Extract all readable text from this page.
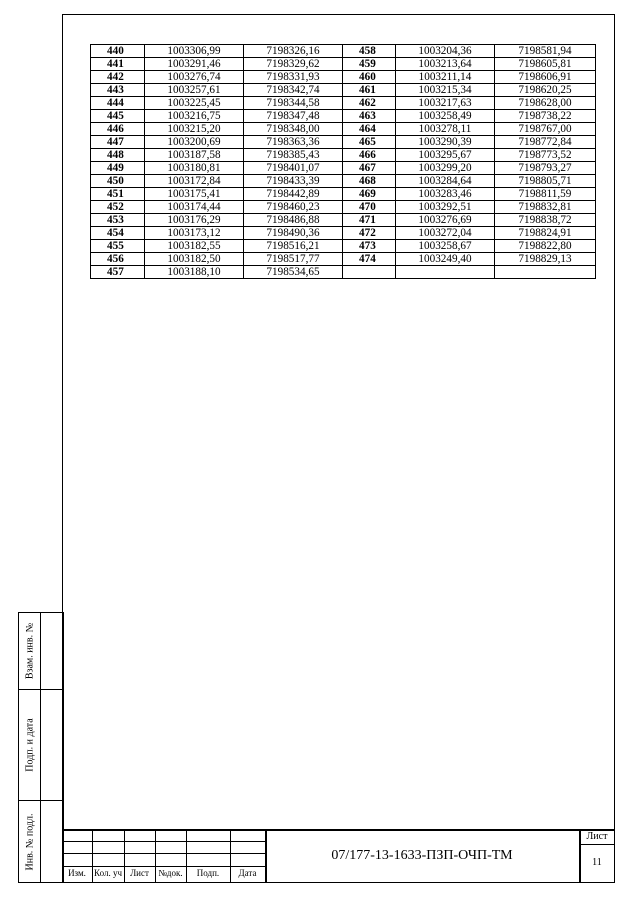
Взам. инв. №
Подп. и дата
Инв. № подл.
440	1003306,99	7198326,16	458	1003204,36	7198581,94
441	1003291,46	7198329,62	459	1003213,64	7198605,81
442	1003276,74	7198331,93	460	1003211,14	7198606,91
443	1003257,61	7198342,74	461	1003215,34	7198620,25
444	1003225,45	7198344,58	462	1003217,63	7198628,00
445	1003216,75	7198347,48	463	1003258,49	7198738,22
446	1003215,20	7198348,00	464	1003278,11	7198767,00
447	1003200,69	7198363,36	465	1003290,39	7198772,84
448	1003187,58	7198385,43	466	1003295,67	7198773,52
449	1003180,81	7198401,07	467	1003299,20	7198793,27
450	1003172,84	7198433,39	468	1003284,64	7198805,71
451	1003175,41	7198442,89	469	1003283,46	7198811,59
452	1003174,44	7198460,23	470	1003292,51	7198832,81
453	1003176,29	7198486,88	471	1003276,69	7198838,72
454	1003173,12	7198490,36	472	1003272,04	7198824,91
455	1003182,55	7198516,21	473	1003258,67	7198822,80
456	1003182,50	7198517,77	474	1003249,40	7198829,13
457	1003188,10	7198534,65			
Изм. Кол. уч Лист	№док.	Подп.	Дата
07/177-13-1633-ПЗП-ОЧП-ТМ
Лист
11
